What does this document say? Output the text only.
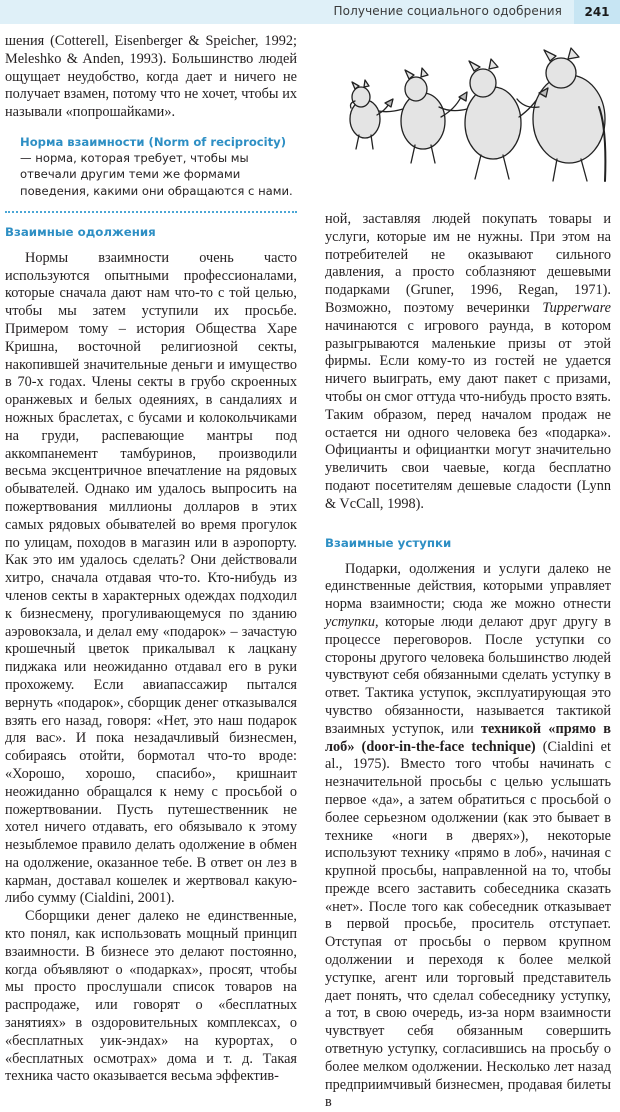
Получение социального одобрения	241

шения (Cotterell, Eisenberger & Speicher, 1992; Meleshko & Anden, 1993). Большинство людей ощущает неудобство, когда дает и ничего не получает взамен, потому что не хочет, чтобы их называли «попрошайками».

Норма взаимности (Norm of reciprocity) — норма, которая требует, чтобы мы отвечали другим теми же формами поведения, какими они обращаются с нами.
Взаимные одолжения

Нормы взаимности очень часто используются опытными профессионалами, которые сначала дают нам что-то с той целью, чтобы мы затем уступили их просьбе. Примером тому – история Общества Харе Кришна, восточной религиозной секты, накопившей значительные деньги и имущество в 70-х годах. Члены секты в грубо скроенных оранжевых и белых одеяниях, в сандалиях и ножных браслетах, с бусами и колокольчиками на груди, распевающие мантры под аккомпанемент тамбуринов, производили весьма эксцентричное впечатление на рядовых обывателей. Однако им удалось выпросить на пожертвования миллионы долларов в этих самых рядовых обывателей во время прогулок по улицам, походов в магазин или в аэропорту. Как это им удалось сделать? Они действовали хитро, сначала отдавая что-то. Кто-нибудь из членов секты в характерных одеждах подходил к бизнесмену, прогуливающемуся по зданию аэровокзала, и делал ему «подарок» – зачастую крошечный цветок прикалывал к лацкану пиджака или неожиданно отдавал его в руки прохожему. Если авиапассажир пытался вернуть «подарок», сборщик денег отказывался взять его назад, говоря: «Нет, это наш подарок для вас». И пока незадачливый бизнесмен, собираясь отойти, бормотал что-то вроде: «Хорошо, хорошо, спасибо», кришнаит неожиданно обращался к нему с просьбой о пожертвовании. Пусть путешественник не хотел ничего отдавать, его обязывало к этому незыблемое правило делать одолжение в обмен на одолжение, оказанное тебе. В ответ он лез в карман, доставал кошелек и жертвовал какую-либо сумму (Cialdini, 2001).

Сборщики денег далеко не единственные, кто понял, как использовать мощный принцип взаимности. В бизнесе это делают постоянно, когда объявляют о «подарках», просят, чтобы мы просто прослушали список товаров на распродаже, или говорят о «бесплатных занятиях» в оздоровительных комплексах, о «бесплатных уик-эндах» на курортах, о «бесплатных осмотрах» дома и т. д. Такая техника часто оказывается весьма эффектив-

ной, заставляя людей покупать товары и услуги, которые им не нужны. При этом на потребителей не оказывают сильного давления, а просто соблазняют дешевыми подарками (Gruner, 1996, Regan, 1971). Возможно, поэтому вечеринки Tupperware начинаются с игрового раунда, в котором разыгрываются маленькие призы от этой фирмы. Если кому-то из гостей не удается ничего выиграть, ему дают пакет с призами, чтобы он смог оттуда что-нибудь просто взять. Таким образом, перед началом продаж не остается ни одного человека без «подарка». Официанты и официантки могут значительно увеличить свои чаевые, когда бесплатно подают посетителям дешевые сладости (Lynn & VcCall, 1998).

Взаимные уступки

Подарки, одолжения и услуги далеко не единственные действия, которыми управляет норма взаимности; сюда же можно отнести уступки, которые люди делают друг другу в процессе переговоров. После уступки со стороны другого человека большинство людей чувствуют себя обязанными сделать уступку в ответ. Тактика уступок, эксплуатирующая это чувство обязанности, называется тактикой взаимных уступок, или техникой «прямо в лоб» (door-in-the-face technique) (Cialdini et al., 1975). Вместо того чтобы начинать с незначительной просьбы с целью услышать первое «да», а затем обратиться с просьбой о более серьезном одолжении (как это бывает в технике «ноги в дверях»), некоторые используют технику «прямо в лоб», начиная с крупной просьбы, направленной на то, чтобы прежде всего заставить собеседника сказать «нет». После того как собеседник отказывает в первой просьбе, проситель отступает. Отступая от просьбы о первом крупном одолжении и переходя к более мелкой уступке, агент или торговый представитель дает понять, что сделал собеседнику уступку, а тот, в свою очередь, из-за норм взаимности чувствует себя обязанным совершить ответную уступку, согласившись на просьбу о более мелком одолжении. Несколько лет назад предприимчивый бизнесмен, продавая билеты в
